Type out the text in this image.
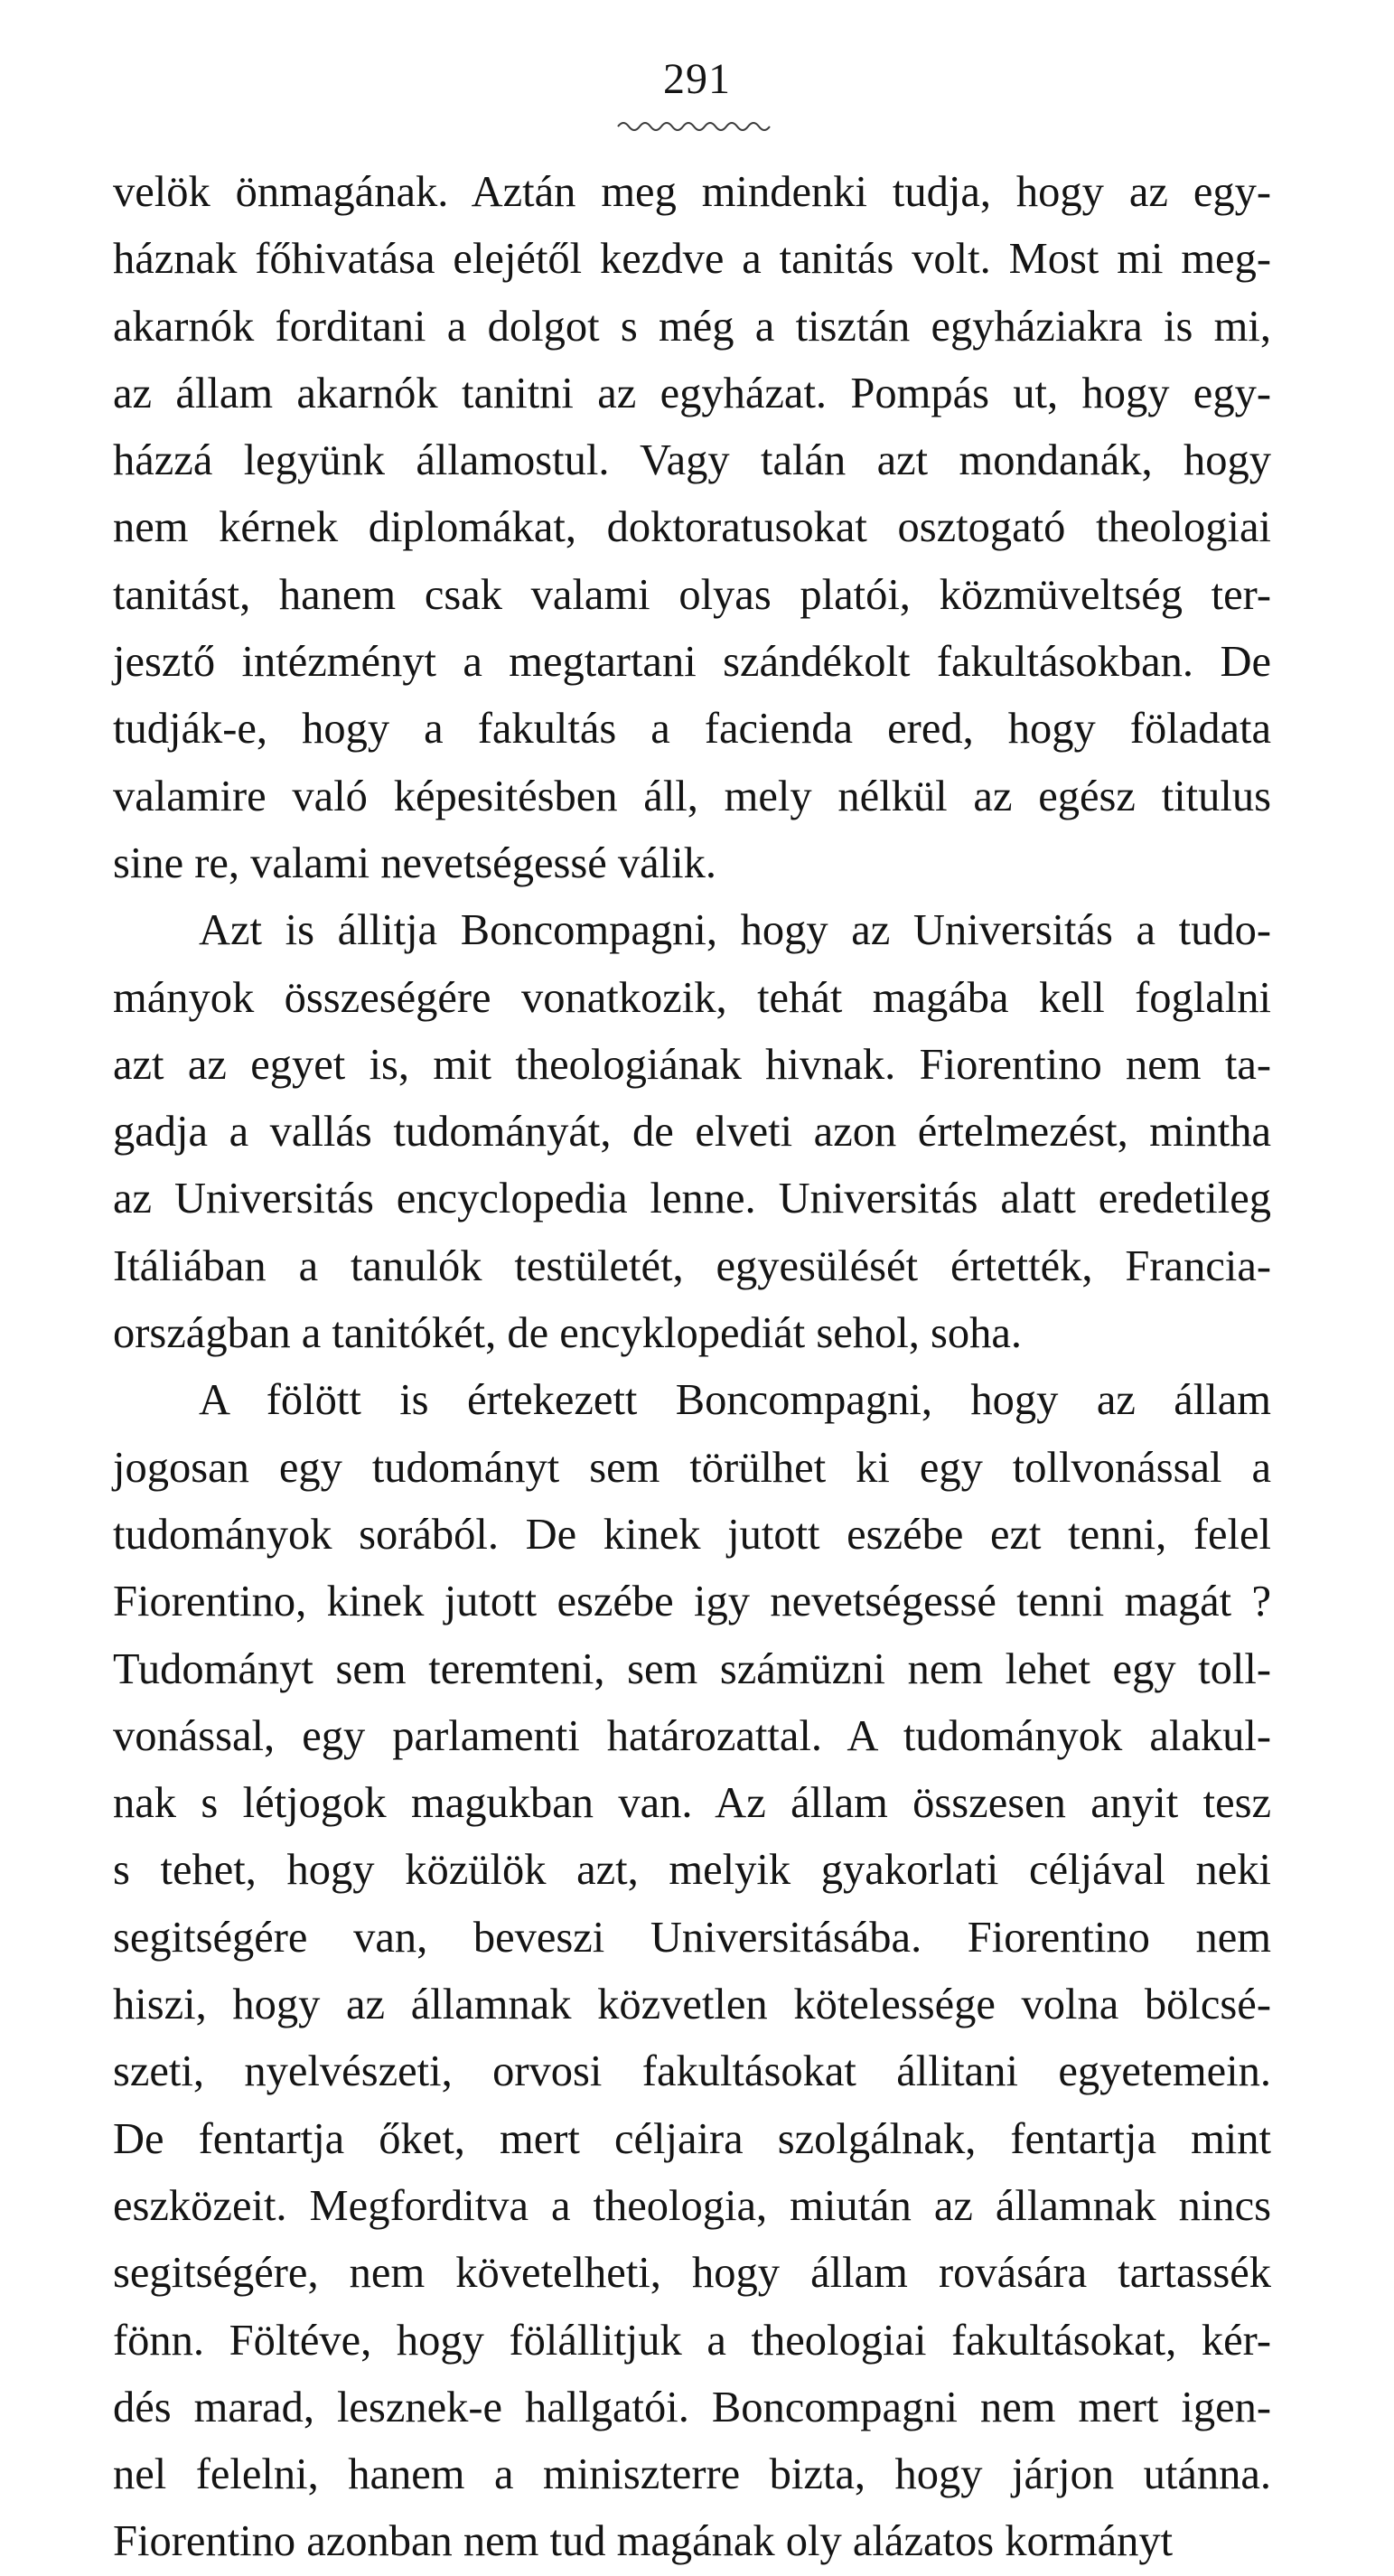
291
velök önmagának. Aztán meg mindenki tudja, hogy az egy-
háznak főhivatása elejétől kezdve a tanitás volt. Most mi meg-
akarnók forditani a dolgot s még a tisztán egyháziakra is mi,
az állam akarnók tanitni az egyházat. Pompás ut, hogy egy-
házzá legyünk államostul. Vagy talán azt mondanák, hogy
nem kérnek diplomákat, doktoratusokat osztogató theologiai
tanitást, hanem csak valami olyas platói, közmüveltség ter-
jesztő intézményt a megtartani szándékolt fakultásokban. De
tudják-e, hogy a fakultás a facienda ered, hogy föladata
valamire való képesitésben áll, mely nélkül az egész titulus
sine re, valami nevetségessé válik.
Azt is állitja Boncompagni, hogy az Universitás a tudo-
mányok összeségére vonatkozik, tehát magába kell foglalni
azt az egyet is, mit theologiának hivnak. Fiorentino nem ta-
gadja a vallás tudományát, de elveti azon értelmezést, mintha
az Universitás encyclopedia lenne. Universitás alatt eredetileg
Itáliában a tanulók testületét, egyesülését értették, Francia-
országban a tanitókét, de encyklopediát sehol, soha.
A fölött is értekezett Boncompagni, hogy az állam
jogosan egy tudományt sem törülhet ki egy tollvonással a
tudományok sorából. De kinek jutott eszébe ezt tenni, felel
Fiorentino, kinek jutott eszébe igy nevetségessé tenni magát ?
Tudományt sem teremteni, sem számüzni nem lehet egy toll-
vonással, egy parlamenti határozattal. A tudományok alakul-
nak s létjogok magukban van. Az állam összesen anyit tesz
s tehet, hogy közülök azt, melyik gyakorlati céljával neki
segitségére van, beveszi Universitásába. Fiorentino nem
hiszi, hogy az államnak közvetlen kötelessége volna bölcsé-
szeti, nyelvészeti, orvosi fakultásokat állitani egyetemein.
De fentartja őket, mert céljaira szolgálnak, fentartja mint
eszközeit. Megforditva a theologia, miután az államnak nincs
segitségére, nem követelheti, hogy állam rovására tartassék
fönn. Föltéve, hogy fölállitjuk a theologiai fakultásokat, kér-
dés marad, lesznek-e hallgatói. Boncompagni nem mert igen-
nel felelni, hanem a miniszterre bizta, hogy járjon utánna.
Fiorentino azonban nem tud magának oly alázatos kormányt
